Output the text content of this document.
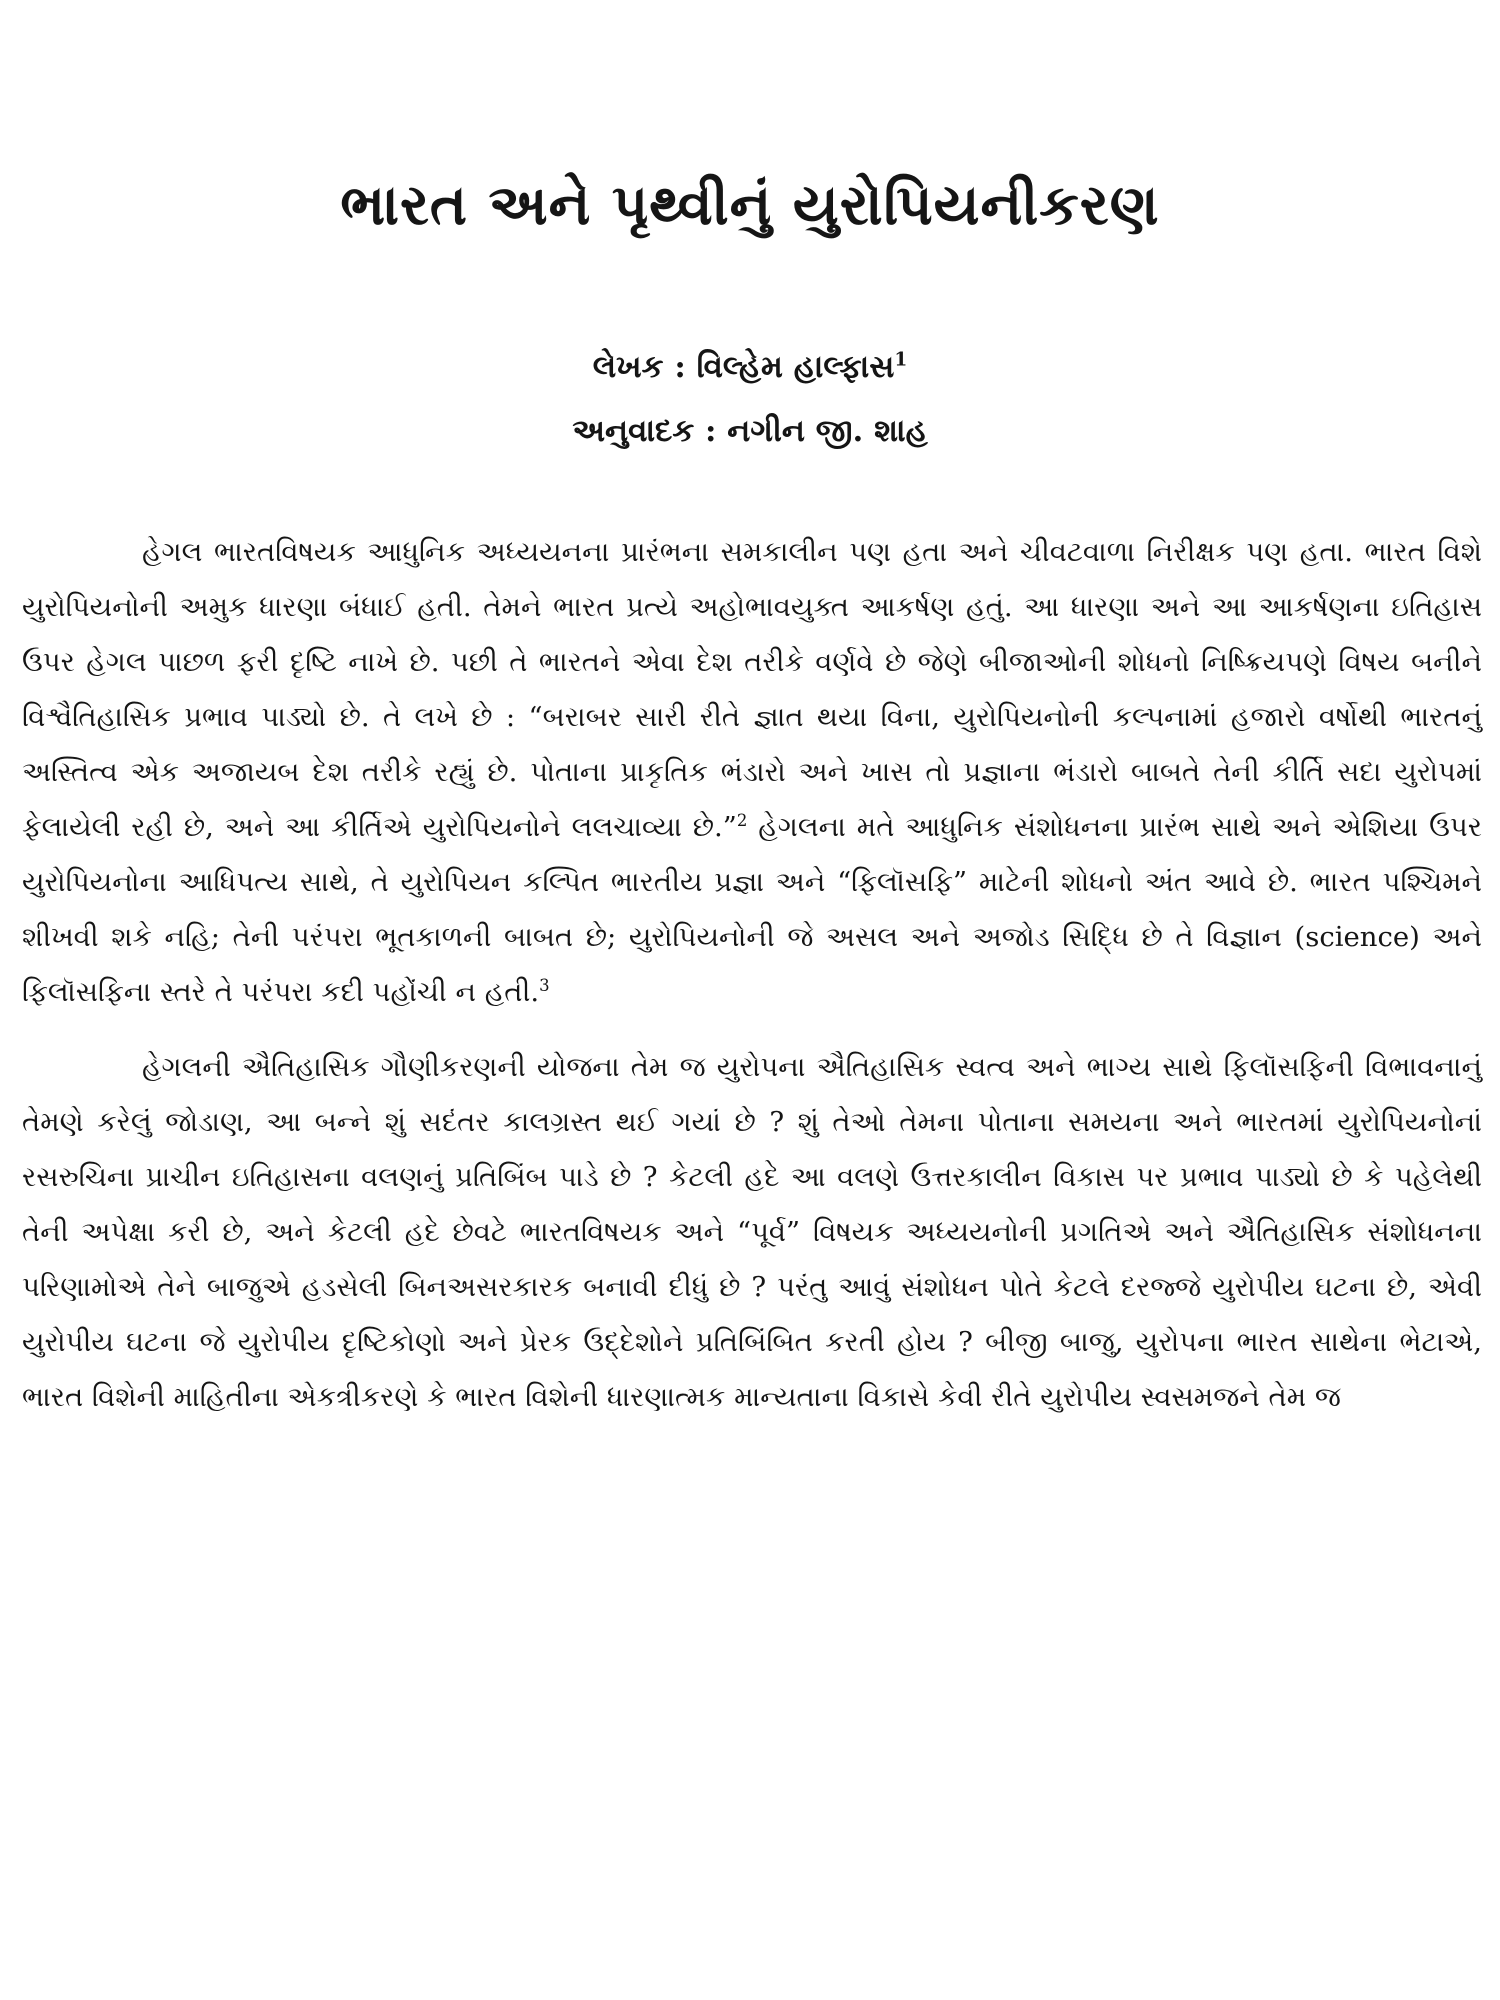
ભારત અને પૃથ્વીનું યુરોપિયનીકરણ
લેખક : વિલ્હેમ હાલ્ફાસ$^1$
અનુવાદક : નગીન જી. શાહ

હેગલ ભારતવિષયક આધુનિક અધ્યયનના પ્રારંભના સમકાલીન પણ હતા અને ચીવટવાળા નિરીક્ષક પણ હતા. ભારત વિશે યુરોપિયનોની અમુક ધારણા બંધાઈ હતી. તેમને ભારત પ્રત્યે અહોભાવયુક્ત આકર્ષણ હતું. આ ધારણા અને આ આકર્ષણના ઇતિહાસ ઉપર હેગલ પાછળ ફરી દૃષ્ટિ નાખે છે. પછી તે ભારતને એવા દેશ તરીકે વર્ણવે છે જેણે બીજાઓની શોધનો નિષ્ક્રિયપણે વિષય બનીને વિશ્વૈતિહાસિક પ્રભાવ પાડ્યો છે. તે લખે છે : “બરાબર સારી રીતે જ્ઞાત થયા વિના, યુરોપિયનોની કલ્પનામાં હજારો વર્ષોથી ભારતનું અસ્તિત્વ એક અજાયબ દેશ તરીકે રહ્યું છે. પોતાના પ્રાકૃતિક ભંડારો અને ખાસ તો પ્રજ્ઞાના ભંડારો બાબતે તેની કીર્તિ સદા યુરોપમાં ફેલાયેલી રહી છે, અને આ કીર્તિએ યુરોપિયનોને લલચાવ્યા છે.”$^2$ હેગલના મતે આધુનિક સંશોધનના પ્રારંભ સાથે અને એશિયા ઉપર યુરોપિયનોના આધિપત્ય સાથે, તે યુરોપિયન કલ્પિત ભારતીય પ્રજ્ઞા અને “ફિલૉસફિ” માટેની શોધનો અંત આવે છે. ભારત પશ્ચિમને શીખવી શકે નહિ; તેની પરંપરા ભૂતકાળની બાબત છે; યુરોપિયનોની જે અસલ અને અજોડ સિદ્ધિ છે તે વિજ્ઞાન (science) અને ફિલૉસફિના સ્તરે તે પરંપરા કદી પહોંચી ન હતી.$^3$

હેગલની ઐતિહાસિક ગૌણીકરણની યોજના તેમ જ યુરોપના ઐતિહાસિક સ્વત્વ અને ભાગ્ય સાથે ફિલૉસફિની વિભાવનાનું તેમણે કરેલું જોડાણ, આ બન્ને શું સદંતર કાલગ્રસ્ત થઈ ગયાં છે ? શું તેઓ તેમના પોતાના સમયના અને ભારતમાં યુરોપિયનોનાં રસરુચિના પ્રાચીન ઇતિહાસના વલણનું પ્રતિબિંબ પાડે છે ? કેટલી હદે આ વલણે ઉત્તરકાલીન વિકાસ પર પ્રભાવ પાડ્યો છે કે પહેલેથી તેની અપેક્ષા કરી છે, અને કેટલી હદે છેવટે ભારતવિષયક અને “પૂર્વ” વિષયક અધ્યયનોની પ્રગતિએ અને ઐતિહાસિક સંશોધનના પરિણામોએ તેને બાજુએ હડસેલી બિનઅસરકારક બનાવી દીધું છે ? પરંતુ આવું સંશોધન પોતે કેટલે દરજ્જે યુરોપીય ઘટના છે, એવી યુરોપીય ઘટના જે યુરોપીય દૃષ્ટિકોણો અને પ્રેરક ઉદ્દેશોને પ્રતિબિંબિત કરતી હોય ? બીજી બાજુ, યુરોપના ભારત સાથેના ભેટાએ, ભારત વિશેની માહિતીના એકત્રીકરણે કે ભારત વિશેની ધારણાત્મક માન્યતાના વિકાસે કેવી રીતે યુરોપીય સ્વસમજને તેમ જ
